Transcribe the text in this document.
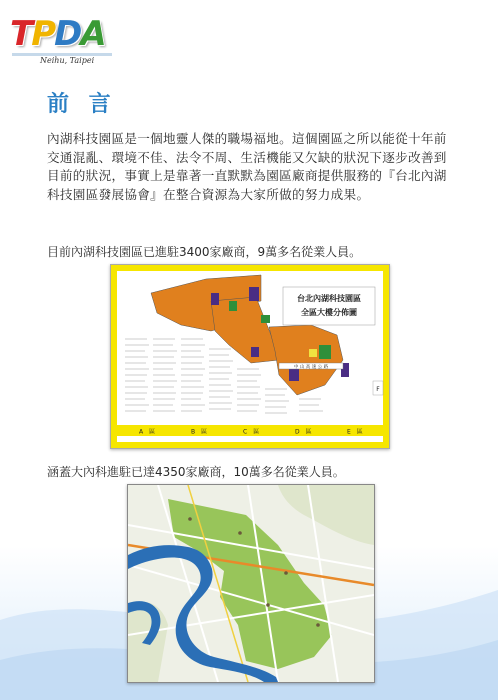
TPDA
Neihu, Taipei
前 言

內湖科技園區是一個地靈人傑的職場福地。這個園區之所以能從十年前交通混亂、環境不佳、法令不周、生活機能又欠缺的狀況下逐步改善到目前的狀況，事實上是靠著一直默默為園區廠商提供服務的『台北內湖科技園區發展協會』在整合資源為大家所做的努力成果。

目前內湖科技園區已進駐3400家廠商，9萬多名從業人員。

中 山 高 速 公 路
台北內湖科技園區
全區大樓分佈圖
A　區	B　區	C　區	D　區	E　區
F

涵蓋大內科進駐已達4350家廠商，10萬多名從業人員。
